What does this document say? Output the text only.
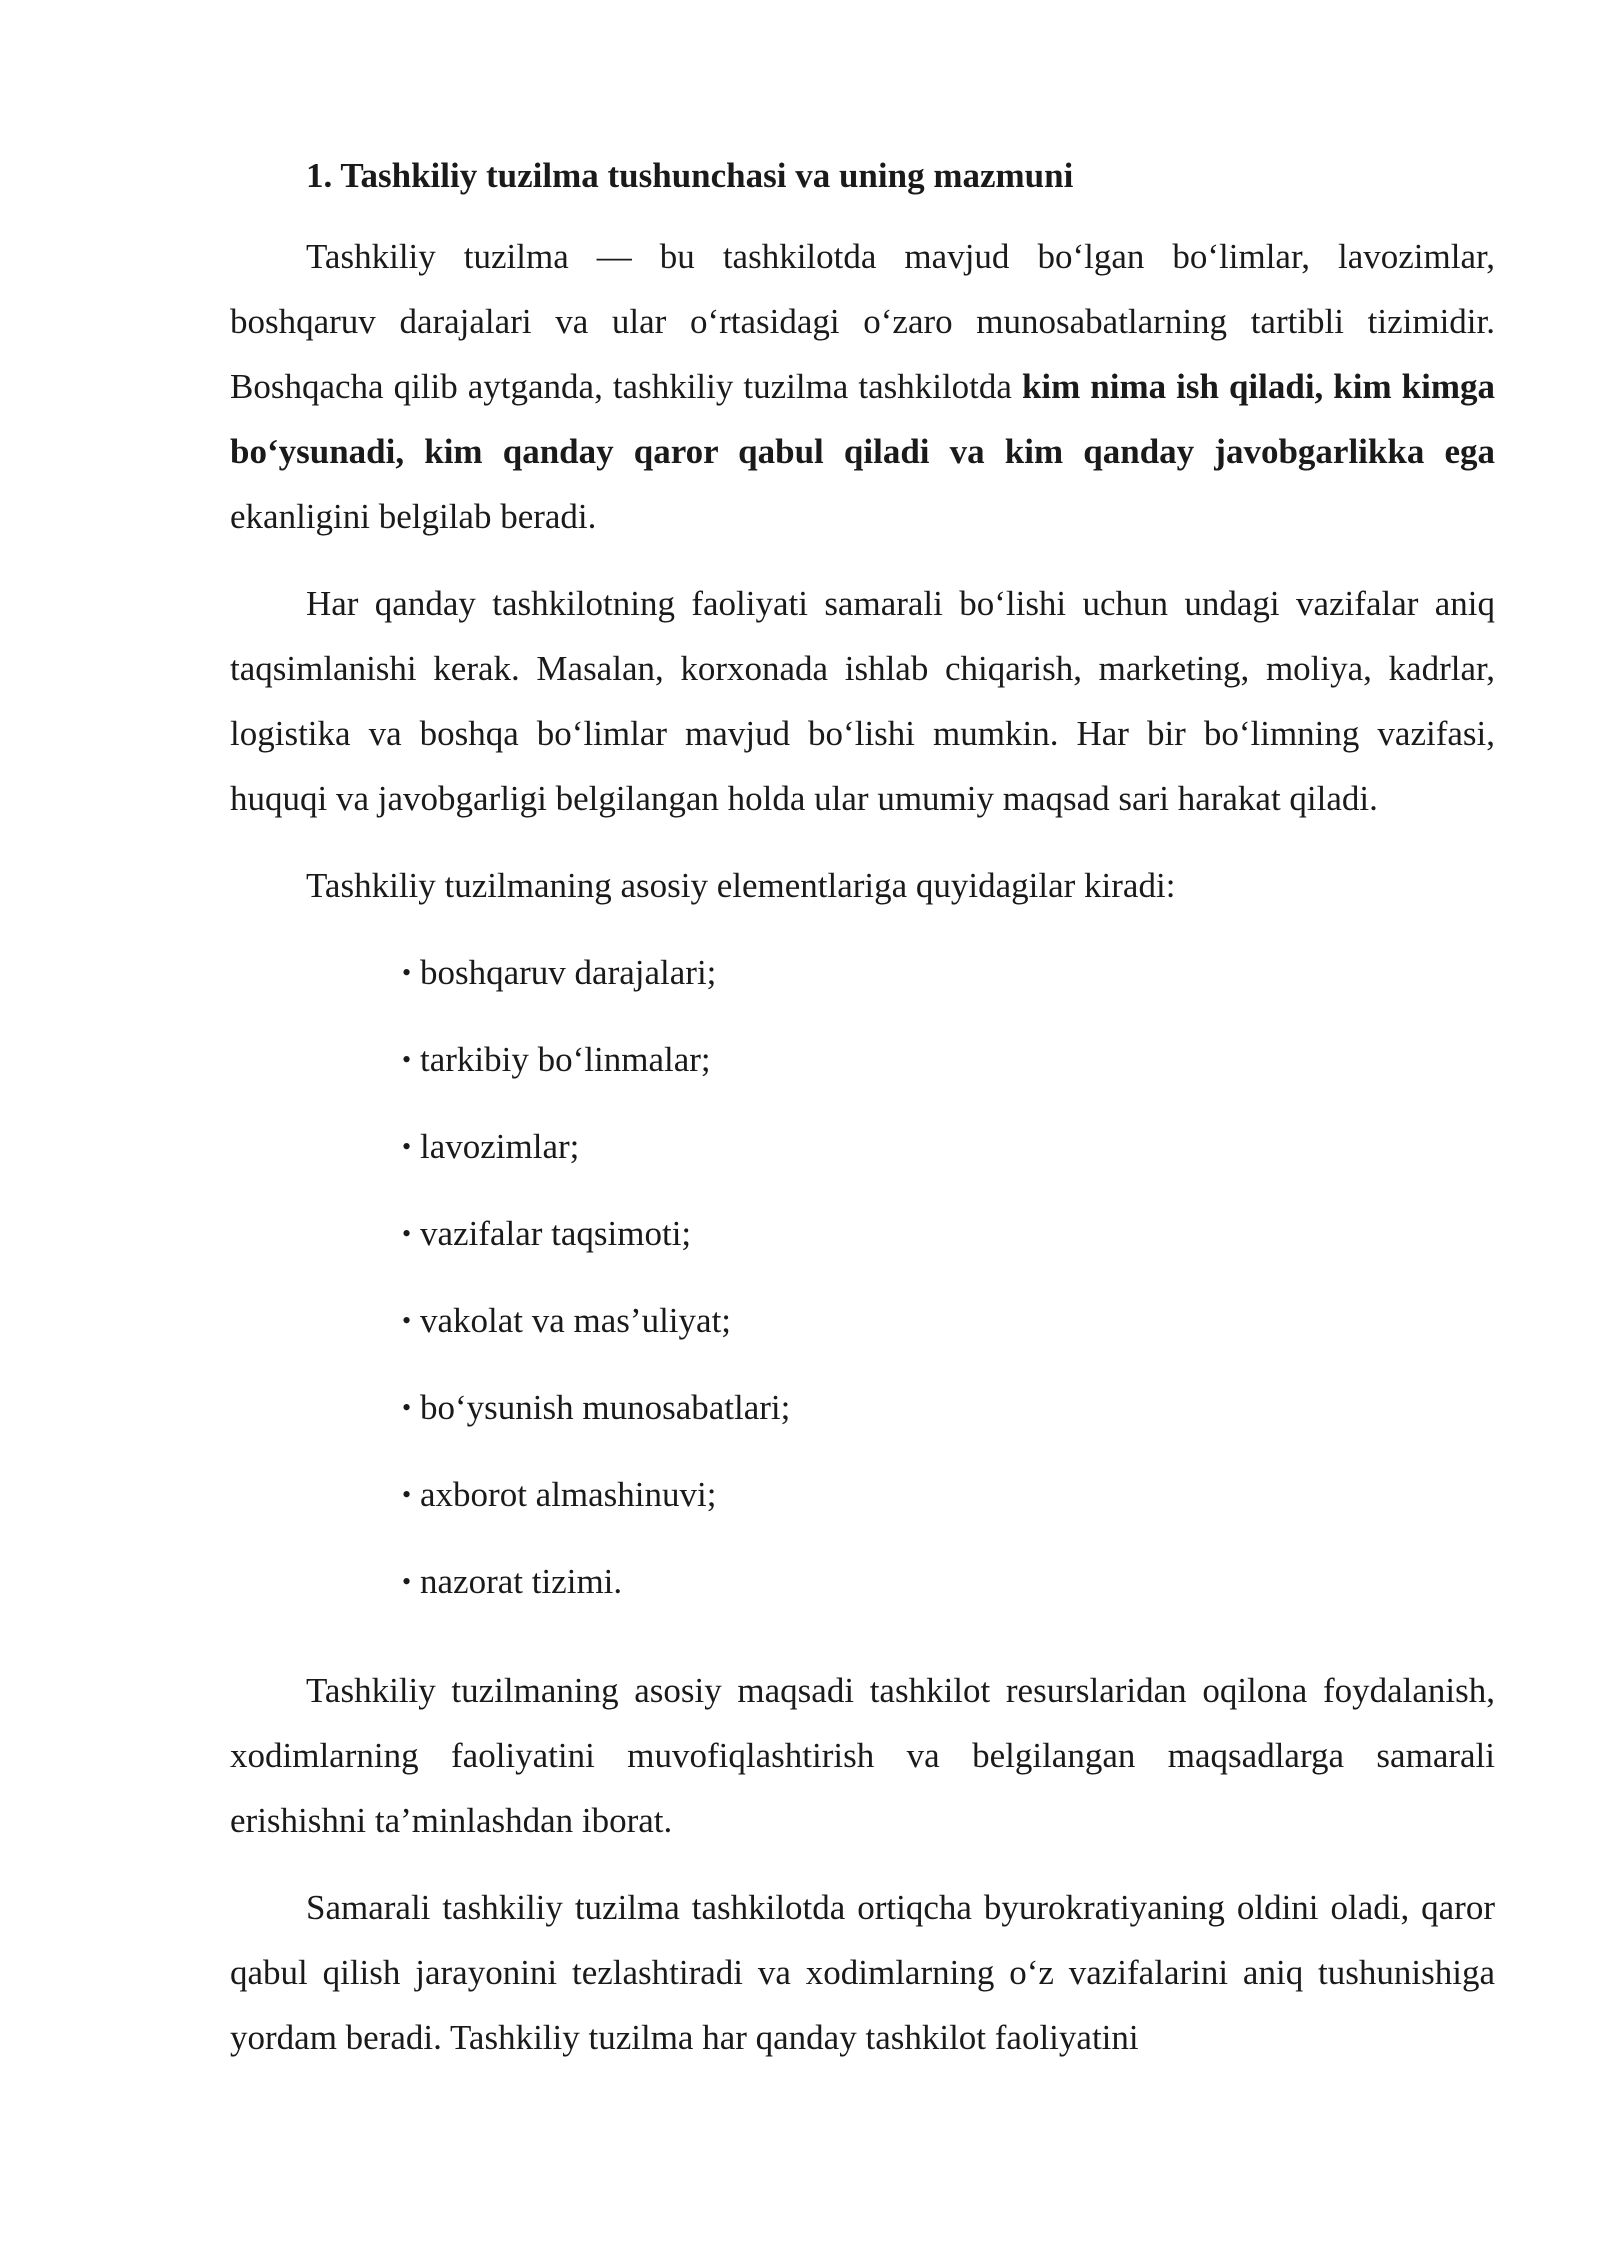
1. Tashkiliy tuzilma tushunchasi va uning mazmuni

Tashkiliy tuzilma — bu tashkilotda mavjud bo‘lgan bo‘limlar, lavozimlar, boshqaruv darajalari va ular o‘rtasidagi o‘zaro munosabatlarning tartibli tizimidir. Boshqacha qilib aytganda, tashkiliy tuzilma tashkilotda kim nima ish qiladi, kim kimga bo‘ysunadi, kim qanday qaror qabul qiladi va kim qanday javobgarlikka ega ekanligini belgilab beradi.

Har qanday tashkilotning faoliyati samarali bo‘lishi uchun undagi vazifalar aniq taqsimlanishi kerak. Masalan, korxonada ishlab chiqarish, marketing, moliya, kadrlar, logistika va boshqa bo‘limlar mavjud bo‘lishi mumkin. Har bir bo‘limning vazifasi, huquqi va javobgarligi belgilangan holda ular umumiy maqsad sari harakat qiladi.

Tashkiliy tuzilmaning asosiy elementlariga quyidagilar kiradi:

• boshqaruv darajalari;
• tarkibiy bo‘linmalar;
• lavozimlar;
• vazifalar taqsimoti;
• vakolat va mas’uliyat;
• bo‘ysunish munosabatlari;
• axborot almashinuvi;
• nazorat tizimi.

Tashkiliy tuzilmaning asosiy maqsadi tashkilot resurslaridan oqilona foydalanish, xodimlarning faoliyatini muvofiqlashtirish va belgilangan maqsadlarga samarali erishishni ta’minlashdan iborat.

Samarali tashkiliy tuzilma tashkilotda ortiqcha byurokratiyaning oldini oladi, qaror qabul qilish jarayonini tezlashtiradi va xodimlarning o‘z vazifalarini aniq tushunishiga yordam beradi. Tashkiliy tuzilma har qanday tashkilot faoliyatini
